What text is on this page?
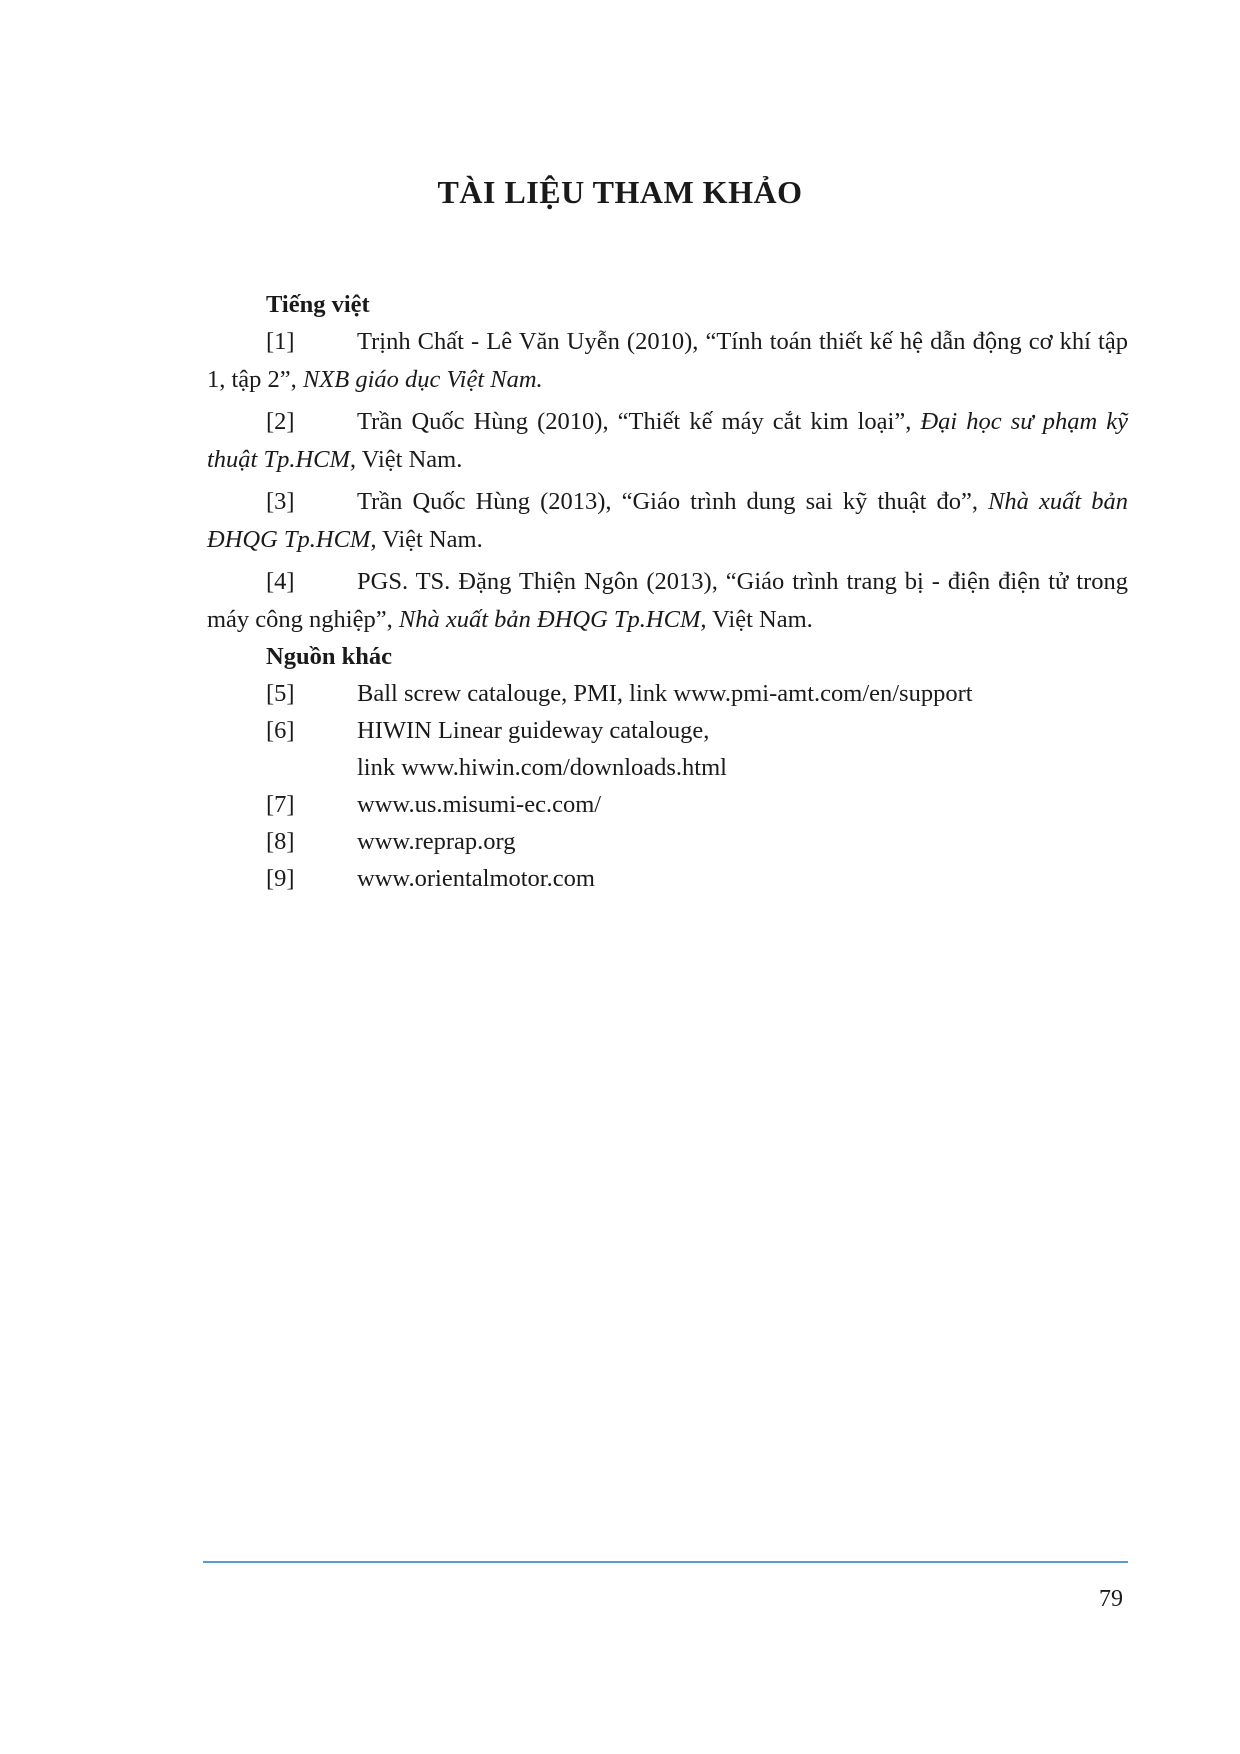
TÀI LIỆU THAM KHẢO
Tiếng việt

[1]	Trịnh Chất - Lê Văn Uyễn (2010), “Tính toán thiết kế hệ dẫn động cơ khí tập 1, tập 2”, NXB giáo dục Việt Nam.

[2]	Trần Quốc Hùng (2010), “Thiết kế máy cắt kim loại”, Đại học sư phạm kỹ thuật Tp.HCM, Việt Nam.

[3]	Trần Quốc Hùng (2013), “Giáo trình dung sai kỹ thuật đo”, Nhà xuất bản ĐHQG Tp.HCM, Việt Nam.

[4]	PGS. TS. Đặng Thiện Ngôn (2013), “Giáo trình trang bị - điện điện tử trong máy công nghiệp”, Nhà xuất bản ĐHQG Tp.HCM, Việt Nam.

Nguồn khác
[5]	Ball screw catalouge, PMI, link www.pmi-amt.com/en/support
[6]	HIWIN Linear guideway catalouge,
link www.hiwin.com/downloads.html
[7]	www.us.misumi-ec.com/
[8]	www.reprap.org
[9]	www.orientalmotor.com
79
